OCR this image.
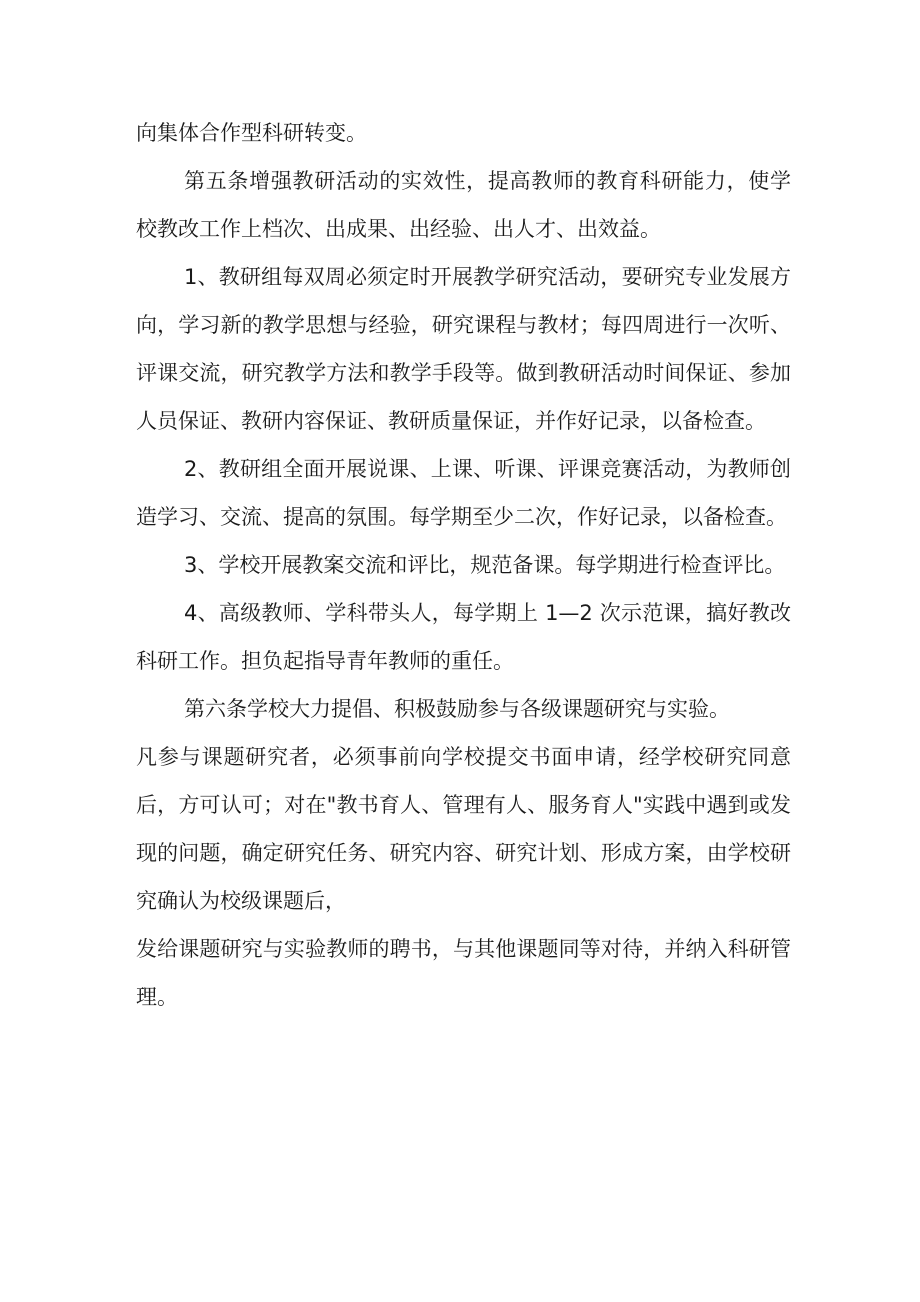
向集体合作型科研转变。

第五条增强教研活动的实效性，提高教师的教育科研能力，使学校教改工作上档次、出成果、出经验、出人才、出效益。

1、教研组每双周必须定时开展教学研究活动，要研究专业发展方向，学习新的教学思想与经验，研究课程与教材；每四周进行一次听、评课交流，研究教学方法和教学手段等。做到教研活动时间保证、参加人员保证、教研内容保证、教研质量保证，并作好记录，以备检查。

2、教研组全面开展说课、上课、听课、评课竞赛活动，为教师创造学习、交流、提高的氛围。每学期至少二次，作好记录，以备检查。

3、学校开展教案交流和评比，规范备课。每学期进行检查评比。

4、高级教师、学科带头人，每学期上 1—2 次示范课，搞好教改科研工作。担负起指导青年教师的重任。

第六条学校大力提倡、积极鼓励参与各级课题研究与实验。

凡参与课题研究者，必须事前向学校提交书面申请，经学校研究同意后，方可认可；对在"教书育人、管理有人、服务育人"实践中遇到或发现的问题，确定研究任务、研究内容、研究计划、形成方案，由学校研究确认为校级课题后，

发给课题研究与实验教师的聘书，与其他课题同等对待，并纳入科研管理。
